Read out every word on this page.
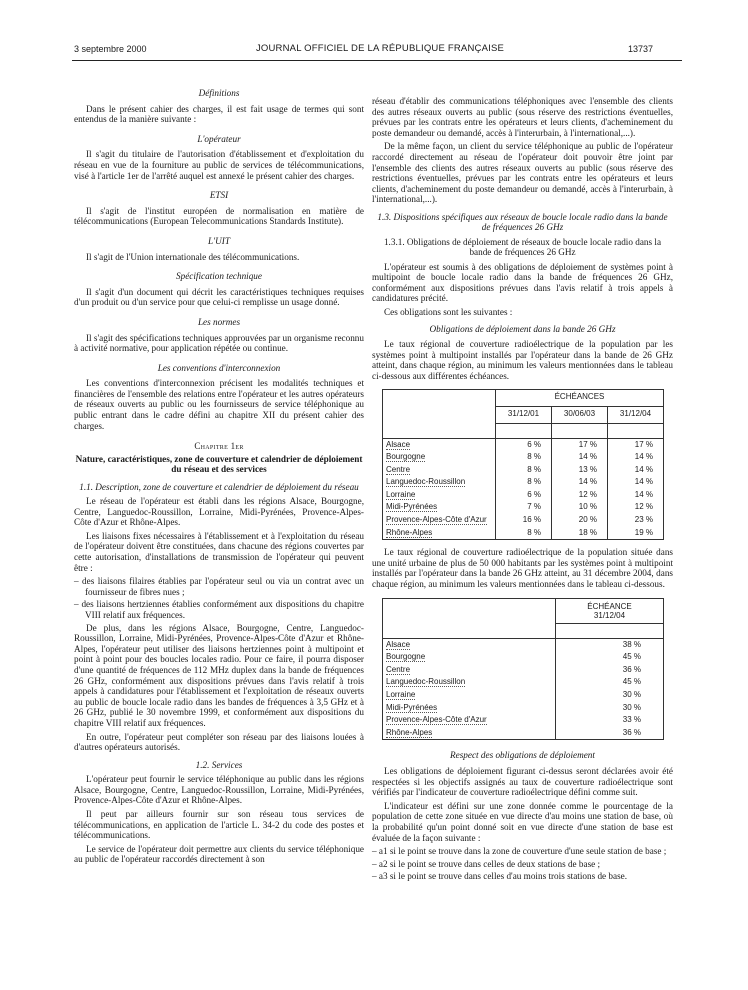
3 septembre 2000	JOURNAL OFFICIEL DE LA RÉPUBLIQUE FRANÇAISE	13737
Définitions

Dans le présent cahier des charges, il est fait usage de termes qui sont entendus de la manière suivante :

L'opérateur

Il s'agit du titulaire de l'autorisation d'établissement et d'exploitation du réseau en vue de la fourniture au public de services de télécommunications, visé à l'article 1er de l'arrêté auquel est annexé le présent cahier des charges.

ETSI

Il s'agit de l'institut européen de normalisation en matière de télécommunications (European Telecommunications Standards Institute).

L'UIT

Il s'agit de l'Union internationale des télécommunications.

Spécification technique

Il s'agit d'un document qui décrit les caractéristiques techniques requises d'un produit ou d'un service pour que celui-ci remplisse un usage donné.

Les normes

Il s'agit des spécifications techniques approuvées par un organisme reconnu à activité normative, pour application répétée ou continue.

Les conventions d'interconnexion

Les conventions d'interconnexion précisent les modalités techniques et financières de l'ensemble des relations entre l'opérateur et les autres opérateurs de réseaux ouverts au public ou les fournisseurs de service téléphonique au public entrant dans le cadre défini au chapitre XII du présent cahier des charges.

Chapitre 1er
Nature, caractéristiques, zone de couverture et calendrier de déploiement du réseau et des services
1.1. Description, zone de couverture et calendrier de déploiement du réseau

Le réseau de l'opérateur est établi dans les régions Alsace, Bourgogne, Centre, Languedoc-Roussillon, Lorraine, Midi-Pyrénées, Provence-Alpes-Côte d'Azur et Rhône-Alpes.

Les liaisons fixes nécessaires à l'établissement et à l'exploitation du réseau de l'opérateur doivent être constituées, dans chacune des régions couvertes par cette autorisation, d'installations de transmission de l'opérateur qui peuvent être :

– des liaisons filaires établies par l'opérateur seul ou via un contrat avec un fournisseur de fibres nues ;
– des liaisons hertziennes établies conformément aux dispositions du chapitre VIII relatif aux fréquences.

De plus, dans les régions Alsace, Bourgogne, Centre, Languedoc-Roussillon, Lorraine, Midi-Pyrénées, Provence-Alpes-Côte d'Azur et Rhône-Alpes, l'opérateur peut utiliser des liaisons hertziennes point à multipoint et point à point pour des boucles locales radio. Pour ce faire, il pourra disposer d'une quantité de fréquences de 112 MHz duplex dans la bande de fréquences 26 GHz, conformément aux dispositions prévues dans l'avis relatif à trois appels à candidatures pour l'établissement et l'exploitation de réseaux ouverts au public de boucle locale radio dans les bandes de fréquences à 3,5 GHz et à 26 GHz, publié le 30 novembre 1999, et conformément aux dispositions du chapitre VIII relatif aux fréquences.

En outre, l'opérateur peut compléter son réseau par des liaisons louées à d'autres opérateurs autorisés.

1.2. Services

L'opérateur peut fournir le service téléphonique au public dans les régions Alsace, Bourgogne, Centre, Languedoc-Roussillon, Lorraine, Midi-Pyrénées, Provence-Alpes-Côte d'Azur et Rhône-Alpes.

Il peut par ailleurs fournir sur son réseau tous services de télécommunications, en application de l'article L. 34-2 du code des postes et télécommunications.

Le service de l'opérateur doit permettre aux clients du service téléphonique au public de l'opérateur raccordés directement à son

réseau d'établir des communications téléphoniques avec l'ensemble des clients des autres réseaux ouverts au public (sous réserve des restrictions éventuelles, prévues par les contrats entre les opérateurs et leurs clients, d'acheminement du poste demandeur ou demandé, accès à l'interurbain, à l'international,...).

De la même façon, un client du service téléphonique au public de l'opérateur raccordé directement au réseau de l'opérateur doit pouvoir être joint par l'ensemble des clients des autres réseaux ouverts au public (sous réserve des restrictions éventuelles, prévues par les contrats entre les opérateurs et leurs clients, d'acheminement du poste demandeur ou demandé, accès à l'interurbain, à l'international,...).

1.3. Dispositions spécifiques aux réseaux de boucle locale radio dans la bande de fréquences 26 GHz
1.3.1. Obligations de déploiement de réseaux de boucle locale radio dans la bande de fréquences 26 GHz

L'opérateur est soumis à des obligations de déploiement de systèmes point à multipoint de boucle locale radio dans la bande de fréquences 26 GHz, conformément aux dispositions prévues dans l'avis relatif à trois appels à candidatures précité.

Ces obligations sont les suivantes :

Obligations de déploiement dans la bande 26 GHz

Le taux régional de couverture radioélectrique de la population par les systèmes point à multipoint installés par l'opérateur dans la bande de 26 GHz atteint, dans chaque région, au minimum les valeurs mentionnées dans le tableau ci-dessous aux différentes échéances.

	ÉCHÉANCES		
	31/12/01	30/06/03	31/12/04

Alsace	6 %	17 %	17 %
Bourgogne	8 %	14 %	14 %
Centre	8 %	13 %	14 %
Languedoc-Roussillon	8 %	14 %	14 %
Lorraine	6 %	12 %	14 %
Midi-Pyrénées	7 %	10 %	12 %
Provence-Alpes-Côte d'Azur	16 %	20 %	23 %
Rhône-Alpes	8 %	18 %	19 %

Le taux régional de couverture radioélectrique de la population située dans une unité urbaine de plus de 50 000 habitants par les systèmes point à multipoint installés par l'opérateur dans la bande 26 GHz atteint, au 31 décembre 2004, dans chaque région, au minimum les valeurs mentionnées dans le tableau ci-dessous.

	ÉCHÉANCE
31/12/04

Alsace	38 %
Bourgogne	45 %
Centre	36 %
Languedoc-Roussillon	45 %
Lorraine	30 %
Midi-Pyrénées	30 %
Provence-Alpes-Côte d'Azur	33 %
Rhône-Alpes	36 %
Respect des obligations de déploiement

Les obligations de déploiement figurant ci-dessus seront déclarées avoir été respectées si les objectifs assignés au taux de couverture radioélectrique sont vérifiés par l'indicateur de couverture radioélectrique défini comme suit.

L'indicateur est défini sur une zone donnée comme le pourcentage de la population de cette zone située en vue directe d'au moins une station de base, où la probabilité qu'un point donné soit en vue directe d'une station de base est évaluée de la façon suivante :

– a1 si le point se trouve dans la zone de couverture d'une seule station de base ;
– a2 si le point se trouve dans celles de deux stations de base ;
– a3 si le point se trouve dans celles d'au moins trois stations de base.
